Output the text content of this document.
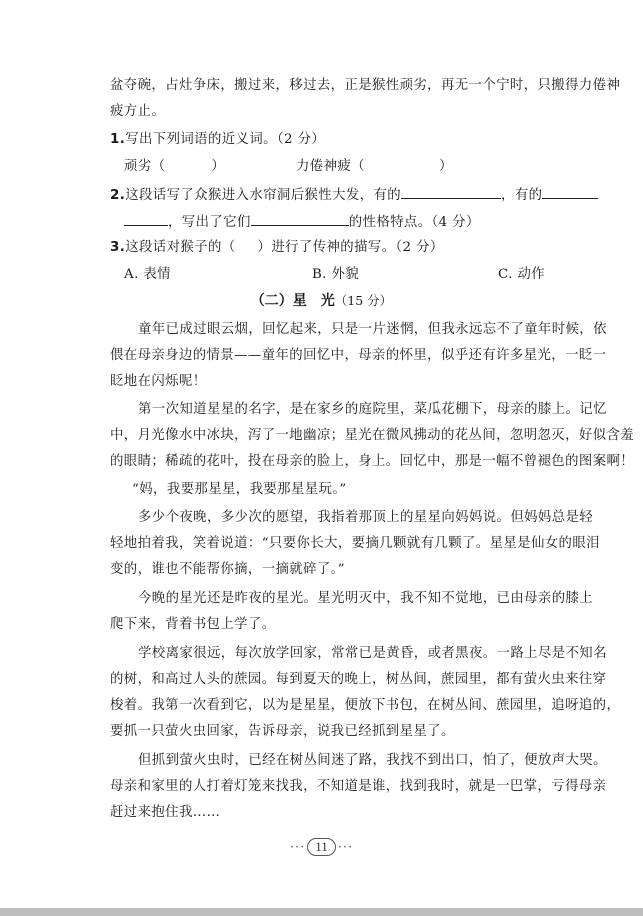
盆夺碗，占灶争床，搬过来，移过去，正是猴性顽劣，再无一个宁时，只搬得力倦神
疲方止。
1.写出下列词语的近义词。（2 分）
顽劣（	）	力倦神疲（	）
2.这段话写了众猴进入水帘洞后猴性大发，有的	，有的
，写出了它们	的性格特点。（4 分）
3.这段话对猴子的（ ）进行了传神的描写。（2 分）
A. 表情	B. 外貌	C. 动作
（二）星　光（15 分）
童年已成过眼云烟，回忆起来，只是一片迷惘，但我永远忘不了童年时候，依
偎在母亲身边的情景——童年的回忆中，母亲的怀里，似乎还有许多星光，一眨一
眨地在闪烁呢！
第一次知道星星的名字，是在家乡的庭院里，菜瓜花棚下，母亲的膝上。记忆
中，月光像水中冰块，泻了一地幽凉；星光在微风拂动的花丛间，忽明忽灭，好似含羞
的眼睛；稀疏的花叶，投在母亲的脸上，身上。回忆中，那是一幅不曾褪色的图案啊！
“妈，我要那星星，我要那星星玩。”
多少个夜晚，多少次的愿望，我指着那顶上的星星向妈妈说。但妈妈总是轻
轻地拍着我，笑着说道：“只要你长大，要摘几颗就有几颗了。星星是仙女的眼泪
变的，谁也不能帮你摘，一摘就碎了。”
今晚的星光还是昨夜的星光。星光明灭中，我不知不觉地，已由母亲的膝上
爬下来，背着书包上学了。
学校离家很远，每次放学回家，常常已是黄昏，或者黑夜。一路上尽是不知名
的树，和高过人头的蔗园。每到夏天的晚上，树丛间，蔗园里，都有萤火虫来往穿
梭着。我第一次看到它，以为是星星，便放下书包，在树丛间、蔗园里，追呀追的，
要抓一只萤火虫回家，告诉母亲，说我已经抓到星星了。
但抓到萤火虫时，已经在树丛间迷了路，我找不到出口，怕了，便放声大哭。
母亲和家里的人打着灯笼来找我，不知道是谁，找到我时，就是一巴掌，亏得母亲
赶过来抱住我……
··· 11 ···
